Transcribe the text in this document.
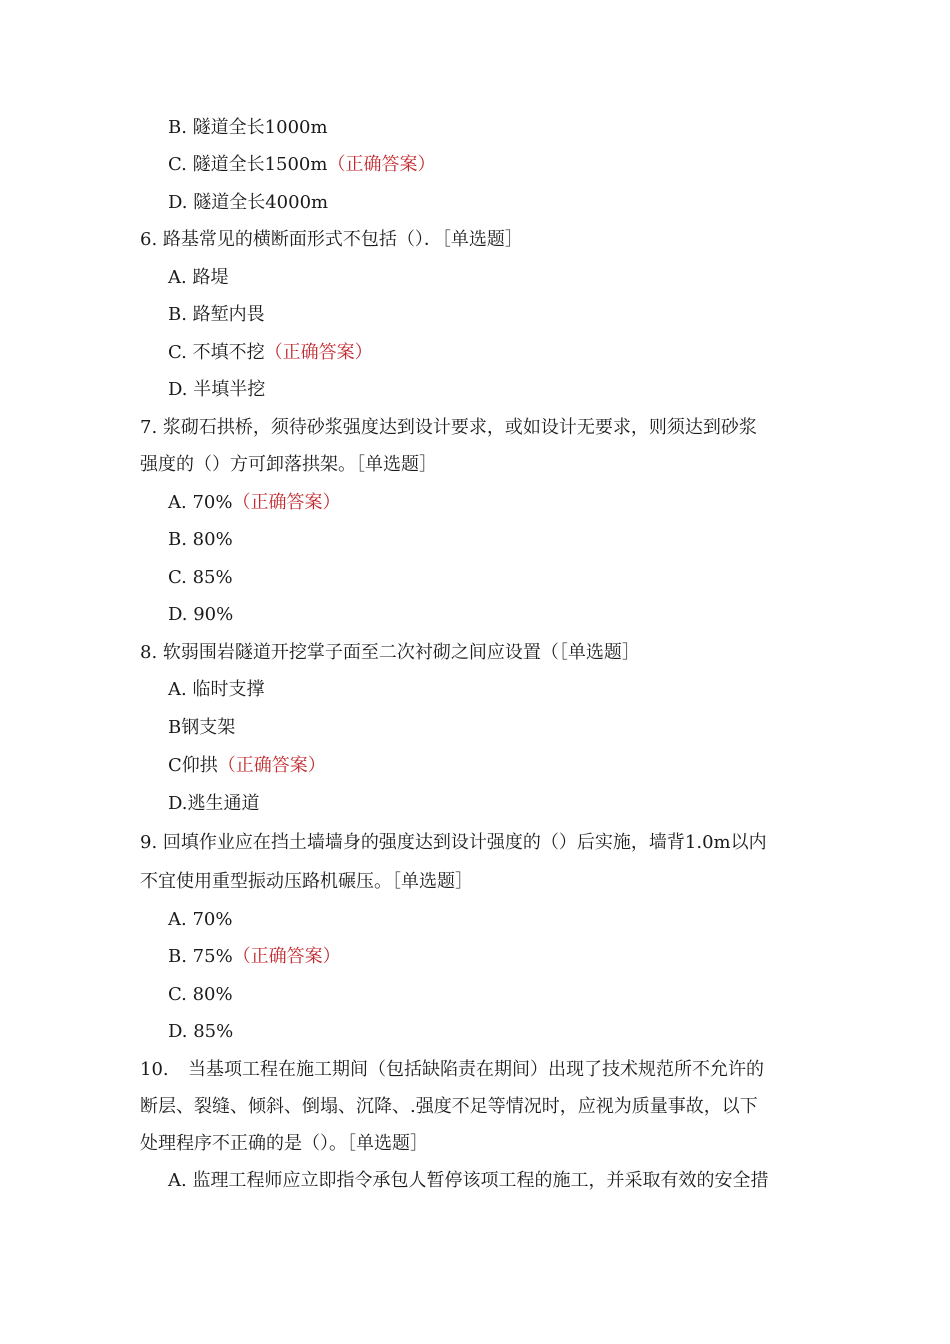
B. 隧道全长1000m
C. 隧道全长1500m（正确答案）
D. 隧道全长4000m
6. 路基常见的横断面形式不包括（）．［单选题］
A. 路堤
B. 路堑内畏
C. 不填不挖（正确答案）
D. 半填半挖
7. 浆砌石拱桥，须待砂浆强度达到设计要求，或如设计无要求，则须达到砂浆
强度的（）方可卸落拱架。［单选题］
A. 70%（正确答案）
B. 80%
C. 85%
D. 90%
8. 软弱围岩隧道开挖掌子面至二次衬砌之间应设置（［单选题］
A. 临时支撑
B钢支架
C仰拱（正确答案）
D.逃生通道
9. 回填作业应在挡土墙墙身的强度达到设计强度的（）后实施，墙背1.0m以内
不宜使用重型振动压路机碾压。［单选题］
A. 70%
B. 75%（正确答案）
C. 80%
D. 85%
10. 当基项工程在施工期间（包括缺陷责在期间）出现了技术规范所不允许的
断层、裂缝、倾斜、倒塌、沉降、.强度不足等情况时，应视为质量事故，以下
处理程序不正确的是（）。［单选题］
A. 监理工程师应立即指令承包人暂停该项工程的施工，并采取有效的安全措
